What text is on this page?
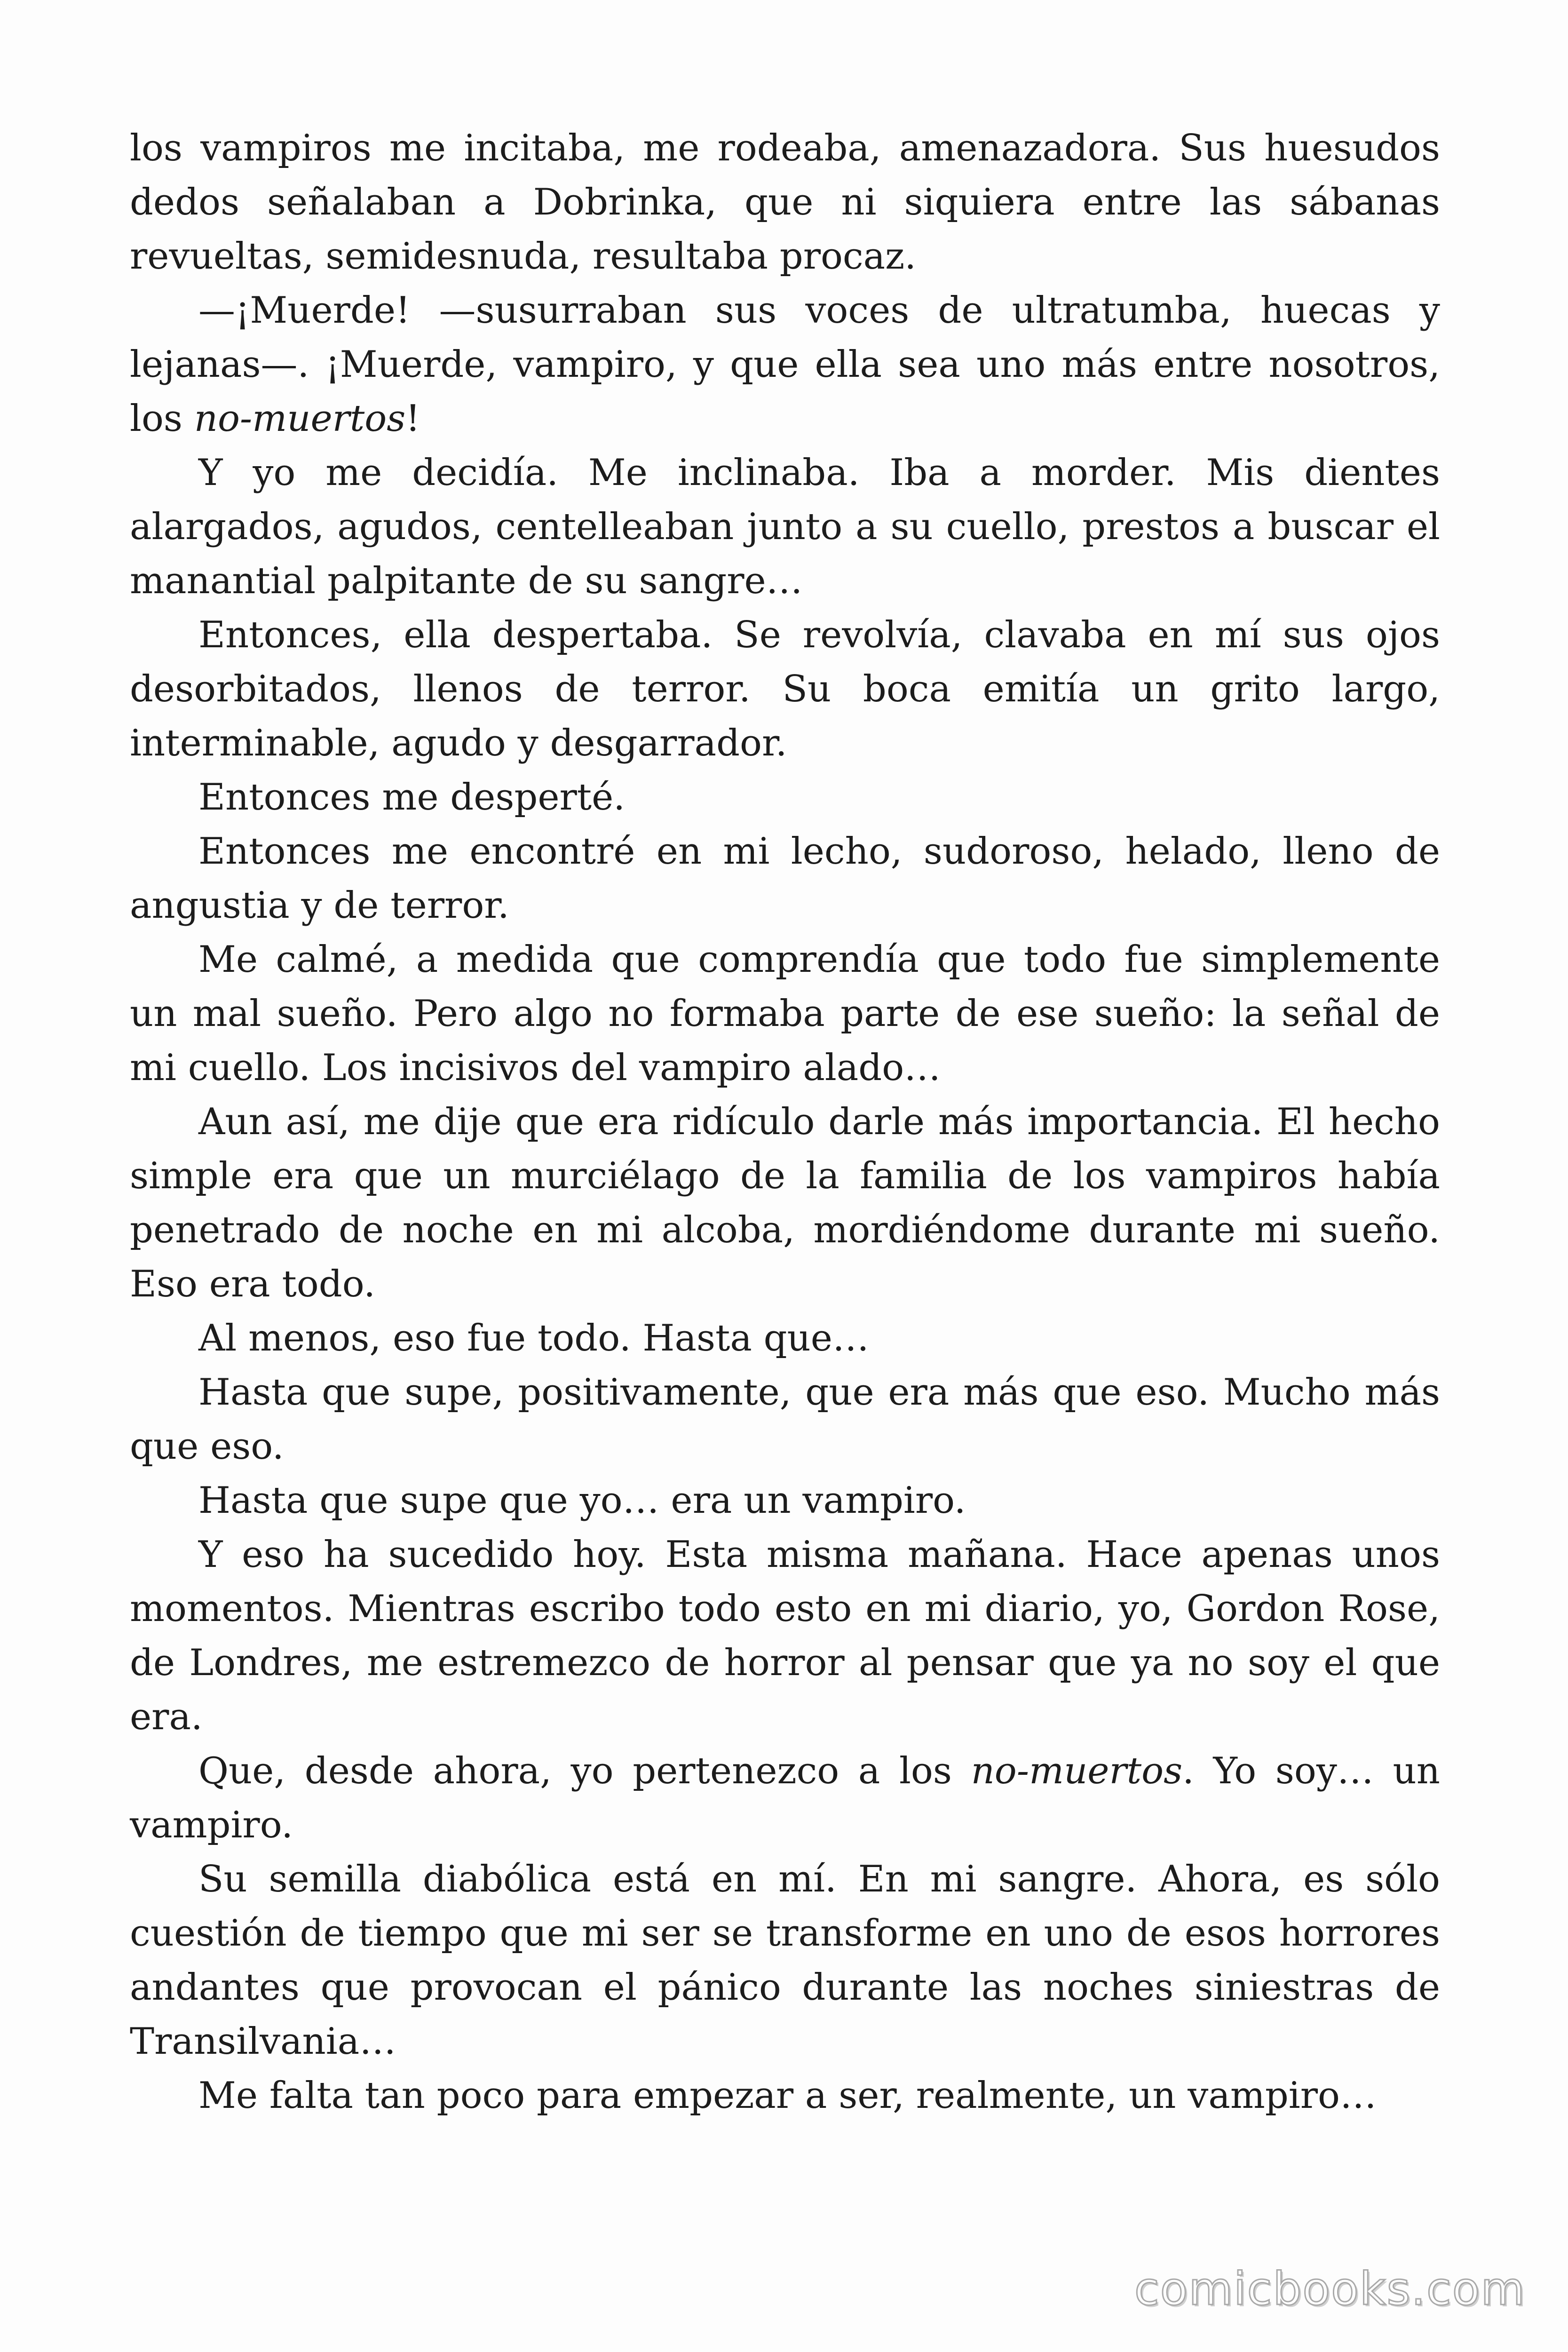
los vampiros me incitaba, me rodeaba, amenazadora. Sus huesudos dedos señalaban a Dobrinka, que ni siquiera entre las sábanas revueltas, semidesnuda, resultaba procaz.

—¡Muerde! —susurraban sus voces de ultratumba, huecas y lejanas—. ¡Muerde, vampiro, y que ella sea uno más entre nosotros, los no-muertos!

Y yo me decidía. Me inclinaba. Iba a morder. Mis dientes alargados, agudos, centelleaban junto a su cuello, prestos a buscar el manantial palpitante de su sangre…

Entonces, ella despertaba. Se revolvía, clavaba en mí sus ojos desorbitados, llenos de terror. Su boca emitía un grito largo, interminable, agudo y desgarrador.

Entonces me desperté.

Entonces me encontré en mi lecho, sudoroso, helado, lleno de angustia y de terror.

Me calmé, a medida que comprendía que todo fue simplemente un mal sueño. Pero algo no formaba parte de ese sueño: la señal de mi cuello. Los incisivos del vampiro alado…

Aun así, me dije que era ridículo darle más importancia. El hecho simple era que un murciélago de la familia de los vampiros había penetrado de noche en mi alcoba, mordiéndome durante mi sueño. Eso era todo.

Al menos, eso fue todo. Hasta que…

Hasta que supe, positivamente, que era más que eso. Mucho más que eso.

Hasta que supe que yo… era un vampiro.

Y eso ha sucedido hoy. Esta misma mañana. Hace apenas unos momentos. Mientras escribo todo esto en mi diario, yo, Gordon Rose, de Londres, me estremezco de horror al pensar que ya no soy el que era.

Que, desde ahora, yo pertenezco a los no-muertos. Yo soy… un vampiro.

Su semilla diabólica está en mí. En mi sangre. Ahora, es sólo cuestión de tiempo que mi ser se transforme en uno de esos horrores andantes que provocan el pánico durante las noches siniestras de Transilvania…

Me falta tan poco para empezar a ser, realmente, un vampiro…

comicbooks.com
